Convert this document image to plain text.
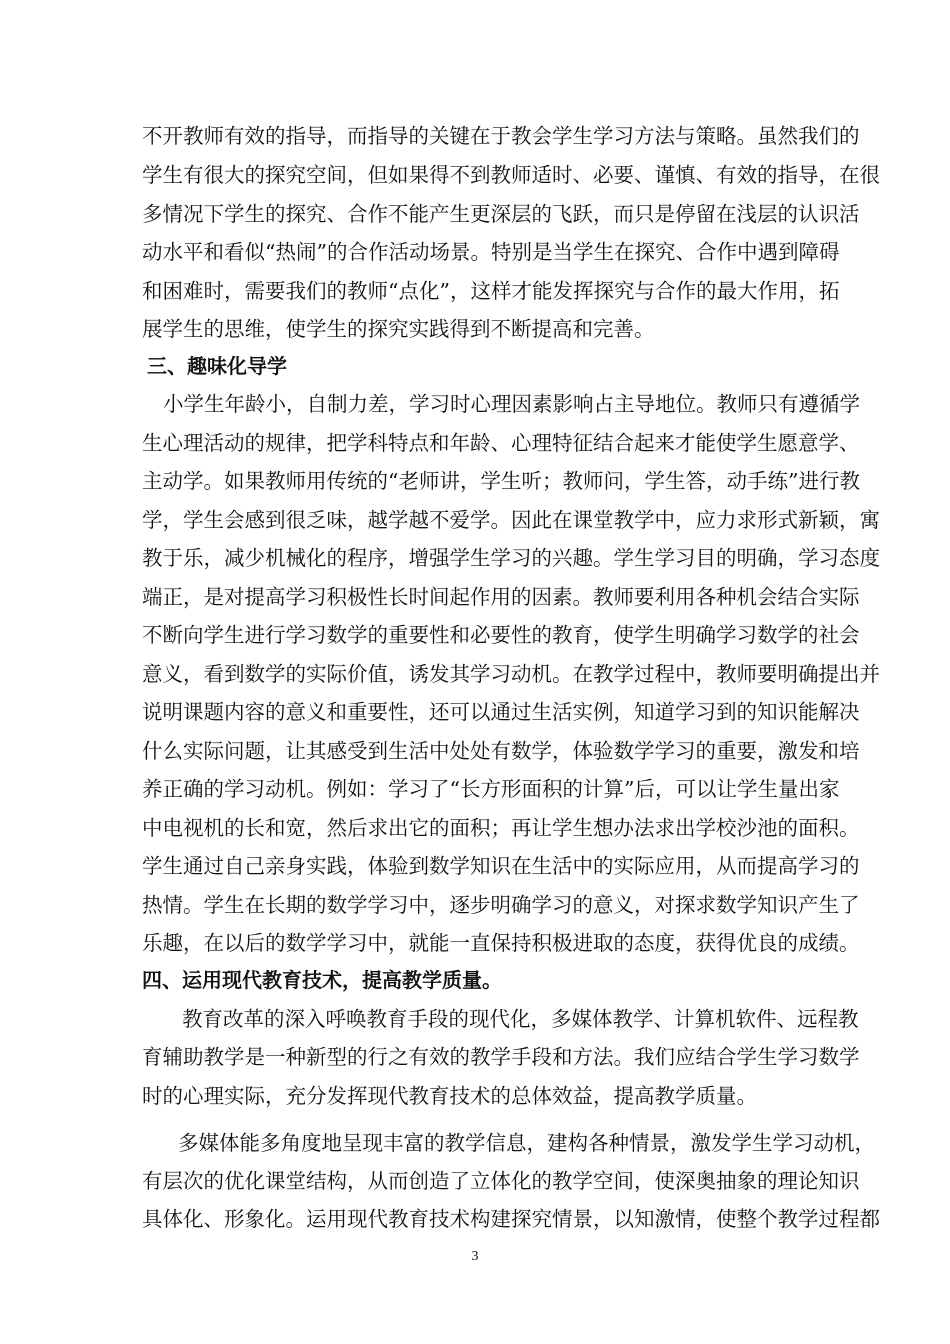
不开教师有效的指导，而指导的关键在于教会学生学习方法与策略。虽然我们的
学生有很大的探究空间，但如果得不到教师适时、必要、谨慎、有效的指导，在很
多情况下学生的探究、合作不能产生更深层的飞跃，而只是停留在浅层的认识活
动水平和看似“热闹”的合作活动场景。特别是当学生在探究、合作中遇到障碍
和困难时，需要我们的教师“点化”，这样才能发挥探究与合作的最大作用，拓
展学生的思维，使学生的探究实践得到不断提高和完善。
三、趣味化导学
小学生年龄小，自制力差，学习时心理因素影响占主导地位。教师只有遵循学
生心理活动的规律，把学科特点和年龄、心理特征结合起来才能使学生愿意学、
主动学。如果教师用传统的“老师讲，学生听；教师问，学生答，动手练”进行教
学，学生会感到很乏味，越学越不爱学。因此在课堂教学中，应力求形式新颖，寓
教于乐，减少机械化的程序，增强学生学习的兴趣。学生学习目的明确，学习态度
端正，是对提高学习积极性长时间起作用的因素。教师要利用各种机会结合实际
不断向学生进行学习数学的重要性和必要性的教育，使学生明确学习数学的社会
意义，看到数学的实际价值，诱发其学习动机。在教学过程中，教师要明确提出并
说明课题内容的意义和重要性，还可以通过生活实例，知道学习到的知识能解决
什么实际问题，让其感受到生活中处处有数学，体验数学学习的重要，激发和培
养正确的学习动机。例如：学习了“长方形面积的计算”后，可以让学生量出家
中电视机的长和宽，然后求出它的面积；再让学生想办法求出学校沙池的面积。
学生通过自己亲身实践，体验到数学知识在生活中的实际应用，从而提高学习的
热情。学生在长期的数学学习中，逐步明确学习的意义，对探求数学知识产生了
乐趣，在以后的数学学习中，就能一直保持积极进取的态度，获得优良的成绩。
四、运用现代教育技术，提高教学质量。
教育改革的深入呼唤教育手段的现代化，多媒体教学、计算机软件、远程教
育辅助教学是一种新型的行之有效的教学手段和方法。我们应结合学生学习数学
时的心理实际，充分发挥现代教育技术的总体效益，提高教学质量。
多媒体能多角度地呈现丰富的教学信息，建构各种情景，激发学生学习动机，
有层次的优化课堂结构，从而创造了立体化的教学空间，使深奥抽象的理论知识
具体化、形象化。运用现代教育技术构建探究情景，以知激情，使整个教学过程都
3
